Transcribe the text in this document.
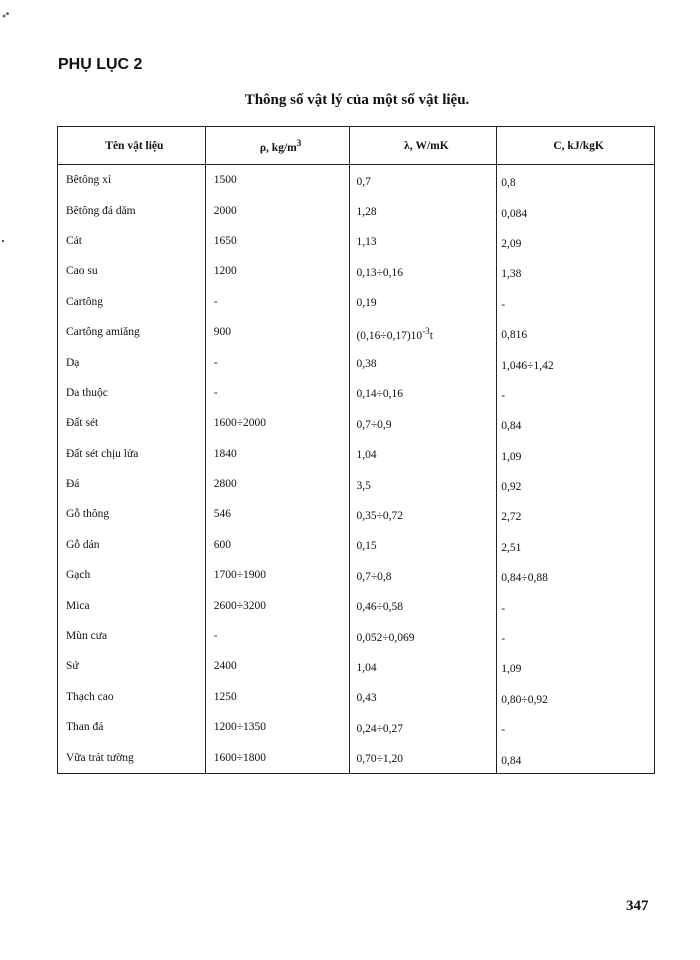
●●
PHỤ LỤC 2
Thông số vật lý của một số vật liệu.
Tên vật liệu	ρ, $kg/m^3$	λ, W/mK	C, kJ/kgK
Bêtông xỉ	1500	0,7	0,8
Bêtông đá dăm	2000	1,28	0,084
Cát	1650	1,13	2,09
Cao su	1200	0,13÷0,16	1,38
Cartông	-	0,19	-
Cartông amiăng	900	$(0,16\div 0,17)10^{-3}t$	0,816
Dạ	-	0,38	1,046÷1,42
Da thuộc	-	0,14÷0,16	-
Đất sét	1600÷2000	0,7÷0,9	0,84
Đất sét chịu lửa	1840	1,04	1,09
Đá	2800	3,5	0,92
Gỗ thông	546	0,35÷0,72	2,72
Gỗ dán	600	0,15	2,51
Gạch	1700÷1900	0,7÷0,8	0,84÷0,88
Mica	2600÷3200	0,46÷0,58	-
Mùn cưa	-	0,052÷0,069	-
Sứ	2400	1,04	1,09
Thạch cao	1250	0,43	0,80÷0,92
Than đá	1200÷1350	0,24÷0,27	-
Vữa trát tường	1600÷1800	0,70÷1,20	0,84
347
